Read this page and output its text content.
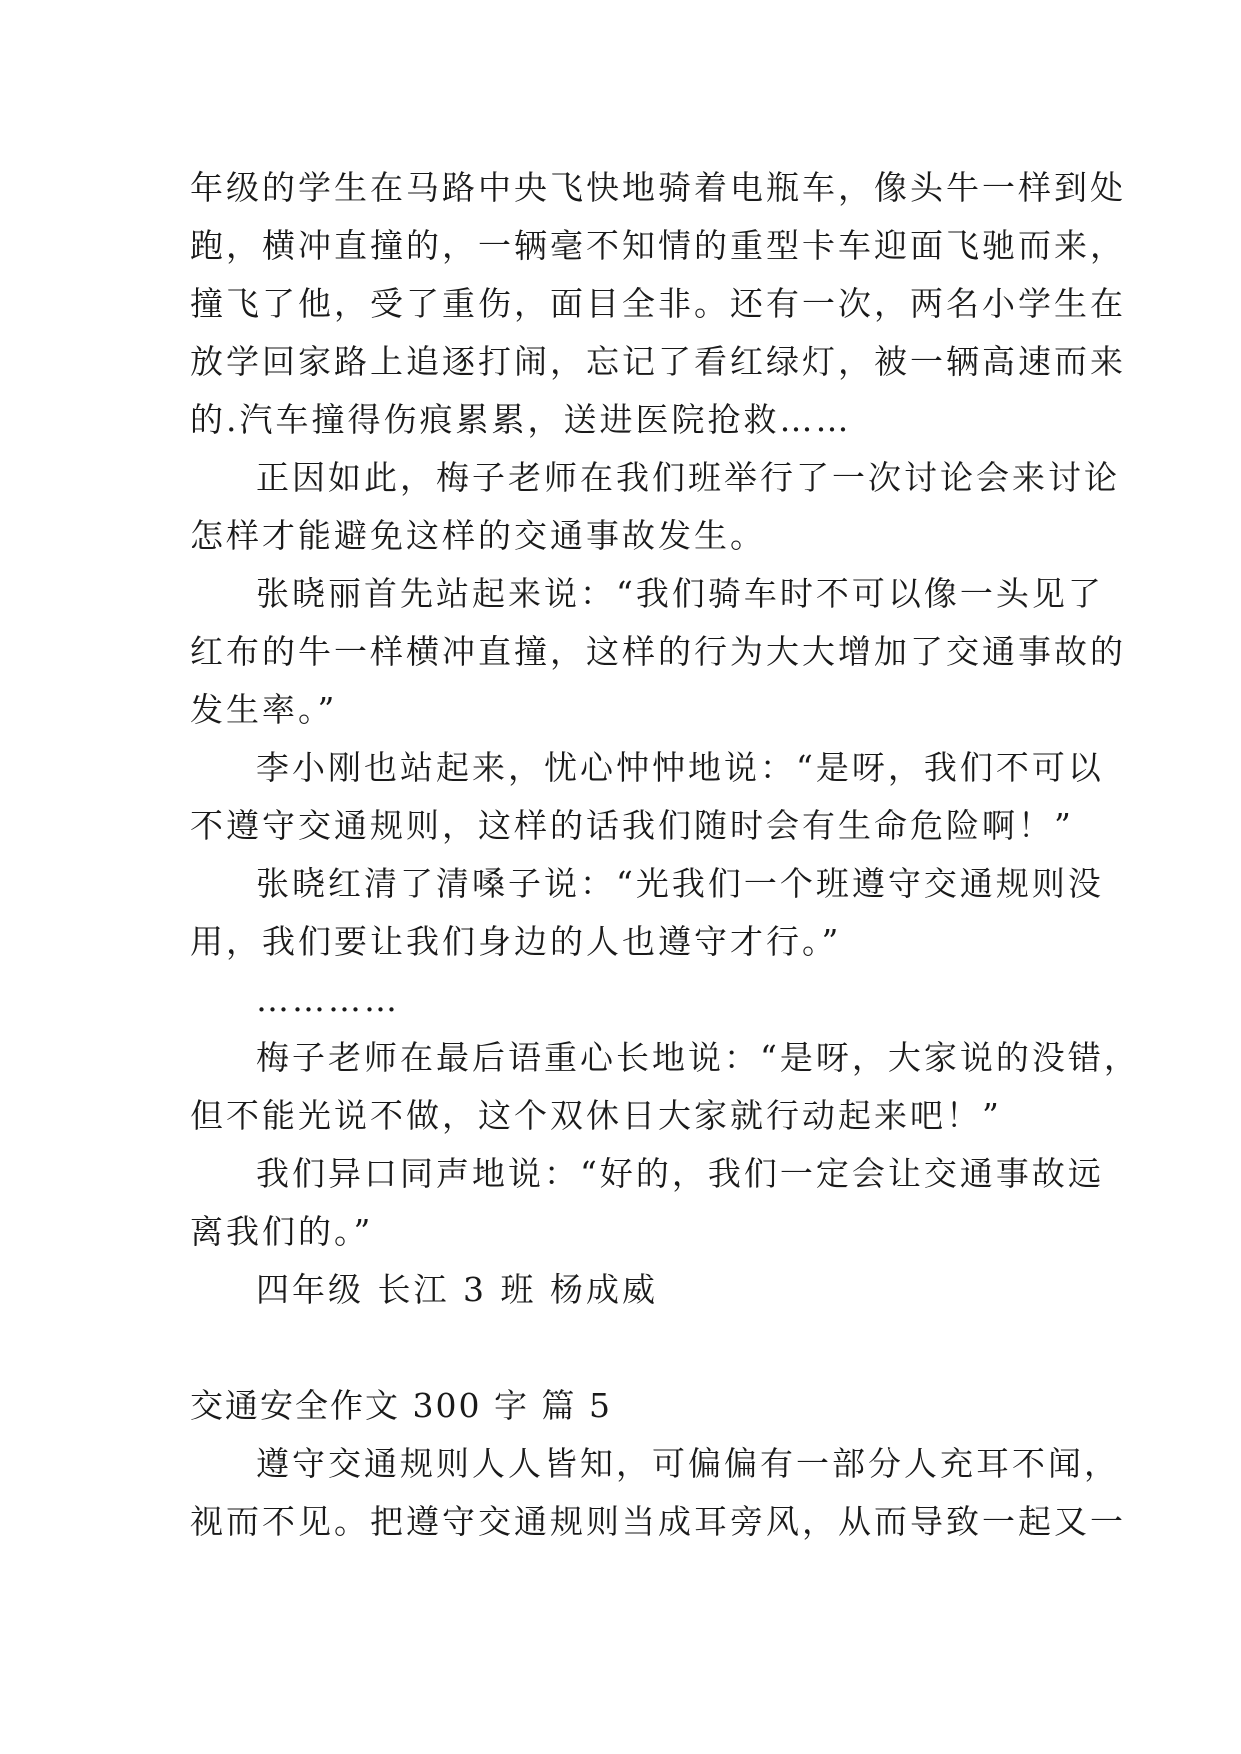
年级的学生在马路中央飞快地骑着电瓶车，像头牛一样到处
跑，横冲直撞的，一辆毫不知情的重型卡车迎面飞驰而来，
撞飞了他，受了重伤，面目全非。还有一次，两名小学生在
放学回家路上追逐打闹，忘记了看红绿灯，被一辆高速而来
的.汽车撞得伤痕累累，送进医院抢救……
正因如此，梅子老师在我们班举行了一次讨论会来讨论
怎样才能避免这样的交通事故发生。
张晓丽首先站起来说：“我们骑车时不可以像一头见了
红布的牛一样横冲直撞，这样的行为大大增加了交通事故的
发生率。”
李小刚也站起来，忧心忡忡地说：“是呀，我们不可以
不遵守交通规则，这样的话我们随时会有生命危险啊！”
张晓红清了清嗓子说：“光我们一个班遵守交通规则没
用，我们要让我们身边的人也遵守才行。”
…………
梅子老师在最后语重心长地说：“是呀，大家说的没错，
但不能光说不做，这个双休日大家就行动起来吧！”
我们异口同声地说：“好的，我们一定会让交通事故远
离我们的。”
四年级 长江 3 班 杨成威
交通安全作文 300 字 篇 5
遵守交通规则人人皆知，可偏偏有一部分人充耳不闻，
视而不见。把遵守交通规则当成耳旁风，从而导致一起又一
